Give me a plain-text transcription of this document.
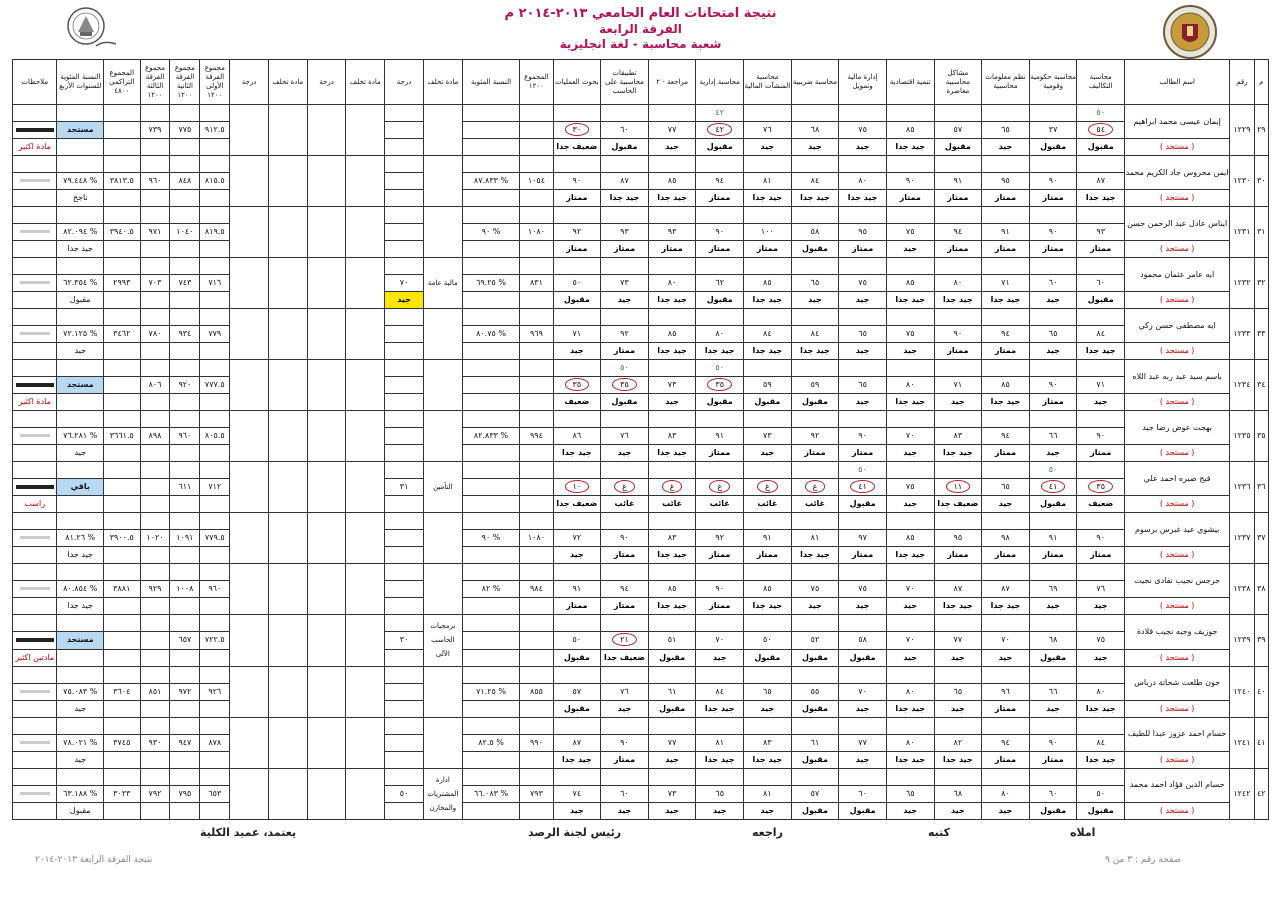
نتيجة امتحانات العام الجامعي ٢٠١٣-٢٠١٤ م
الفرقة الرابعة
شعبة محاسبة - لغة انجليزية
م	رقم	اسم الطالب	محاسبة التكاليف	محاسبة حكومية وقومية	نظم معلومات محاسبية	مشاكل محاسبية معاصرة	تنمية اقتصادية	إدارة مالية وتمويل	محاسبة ضريبية	محاسبة المنشآت المالية	محاسبة إدارية	مراجعة - ٢	تطبيقات محاسبية على الحاسب	بحوث العمليات	المجموع ١٢٠٠	النسبة المئوية	مادة تخلف	درجة	مادة تخلف	درجة	مادة تخلف	درجة	مجموع الفرقة الأولى ١٢٠٠	مجموع الفرقة الثانية ١٢٠٠	مجموع الفرقة الثالثة ١٢٠٠	المجموع التراكمي ٤٨٠٠	النسبة المئوية للسنوات الأربع	ملاحظات
٢٩	١٢٢٩	إيمان عيسى محمد ابراهيم	٥٠								٤٢																	
			٥٤	٣٧	٦٥	٥٧	٨٥	٧٥	٦٨	٧٦	٤٢	٧٧	٦٠	٣٠									٩١٢.٥	٧٧٥	٧٣٩		مستجد	
		( مستجد )	مقبول	مقبول	جيد	مقبول	جيد جدا	جيد	جيد	جيد	مقبول	جيد	مقبول	ضعيف جدا														مادة اكثير
٣٠	١٢٣٠	ايمن محروس جاد الكريم محمد																										
			٨٧	٩٠	٩٥	٩١	٩٠	٨٠	٨٤	٨١	٩٤	٨٥	٨٧	٩٠	١٠٥٤	% ٨٧.٨٣٣							٨١٥.٥	٨٤٨	٩٦٠	٣٨١٣.٥	% ٧٩.٤٤٨	
		( مستجد )	جيد جدا	ممتاز	ممتاز	ممتاز	ممتاز	جيد جدا	جيد جدا	جيد جدا	ممتاز	جيد جدا	جيد جدا	ممتاز													ناجح	
٣١	١٢٣١	ايناس عادل عبد الرحمن حسن																										
			٩٣	٩٠	٩١	٩٤	٧٥	٩٥	٥٨	١٠٠	٩٠	٩٣	٩٣	٩٢	١٠٨٠	% ٩٠							٨١٩.٥	١٠٤٠	٩٧١	٣٩٤٠.٥	% ٨٢.٠٩٤	
		( مستجد )	ممتاز	ممتاز	ممتاز	ممتاز	جيد	ممتاز	مقبول	ممتاز	ممتاز	ممتاز	ممتاز	ممتاز													جيد جدا	
٣٢	١٢٣٢	ايه عامر عثمان محمود															مالية عامة											
			٦٠	٦٠	٧١	٨٠	٨٥	٧٥	٦٥	٨٥	٦٢	٨٠	٧٣	٥٠	٨٣١	% ٦٩.٢٥		٧٠					٧١٦	٧٤٣	٧٠٣	٢٩٩٣	% ٦٢.٣٥٤	
		( مستجد )	مقبول	جيد	جيد جدا	جيد جدا	جيد جدا	جيد	جيد	جيد جدا	مقبول	جيد جدا	جيد	مقبول				جيد									مقبول	
٣٣	١٢٣٣	ايه مصطفى حسن زكي																										
			٨٤	٦٥	٩٤	٩٠	٧٥	٦٥	٨٤	٨٤	٨٠	٨٥	٩٢	٧١	٩٦٩	% ٨٠.٧٥							٧٧٩	٩٣٤	٧٨٠	٣٤٦٢	% ٧٢.١٢٥	
		( مستجد )	جيد جدا	جيد	ممتاز	ممتاز	جيد	جيد	جيد جدا	جيد جدا	جيد جدا	جيد جدا	ممتاز	جيد													جيد	
٣٤	١٢٣٤	باسم سيد عبد ربه عبد اللاه									٥٠		٥٠															
			٧١	٩٠	٨٥	٧١	٨٠	٦٥	٥٩	٥٩	٣٥	٧٣	٣٥	٣٥									٧٧٧.٥	٩٢٠	٨٠٦		مستجد	
		( مستجد )	جيد	ممتاز	جيد جدا	جيد	جيد جدا	جيد	مقبول	مقبول	مقبول	جيد	مقبول	ضعيف														مادة اكثير
٣٥	١٢٣٥	بهجت عوض رضا جيد																										
			٩٠	٦٦	٩٤	٨٣	٧٠	٩٠	٩٢	٧٣	٩١	٨٣	٧٦	٨٦	٩٩٤	% ٨٢.٨٣٣							٨٠٥.٥	٩٦٠	٨٩٨	٣٦٦١.٥	% ٧٦.٢٨١	
		( مستجد )	ممتاز	جيد	ممتاز	جيد جدا	جيد	ممتاز	ممتاز	جيد	ممتاز	جيد جدا	جيد	جيد جدا													جيد	
٣٦	١٢٣٦	فيج صبره احمد علي		٥٠				٥٠									التأمين											
			٣٥	٤١	٦٥	١١	٧٥	٤١	غ	غ	غ	غ	غ	١٠				٣١					٧١٢	٦١١			باقي	
		( مستجد )	ضعيف	مقبول	جيد	ضعيف جدا	جيد	مقبول	غائب	غائب	غائب	غائب	غائب	ضعيف جدا														راسب
٣٧	١٢٣٧	بيشوي عيد غبرس برسوم																										
			٩٠	٩١	٩٨	٩٥	٨٥	٩٧	٨١	٩١	٩٢	٨٣	٩٠	٧٢	١٠٨٠	% ٩٠							٧٧٩.٥	١٠٩١	١٠٢٠	٣٩٠٠.٥	% ٨١.٢٦	
		( مستجد )	ممتاز	ممتاز	ممتاز	ممتاز	جيد جدا	ممتاز	جيد جدا	ممتاز	ممتاز	جيد جدا	ممتاز	جيد													جيد جدا	
٣٨	١٢٣٨	جرجس نجيب نفادى نجيت																										
			٧٦	٦٩	٨٧	٨٧	٧٠	٧٥	٧٥	٨٥	٩٠	٨٥	٩٤	٩١	٩٨٤	% ٨٢							٩٦٠	١٠٠٨	٩٢٩	٣٨٨١	% ٨٠.٨٥٤	
		( مستجد )	جيد	جيد	جيد جدا	جيد جدا	جيد	جيد	جيد	جيد جدا	ممتاز	جيد جدا	ممتاز	ممتاز													جيد جدا	
٣٩	١٢٣٩	جوزيف وجيه نجيب قلادة															برمجيات الحاسب الآلى											
			٧٥	٦٨	٧٠	٧٧	٧٠	٥٨	٥٢	٥٠	٧٠	٥١	٢١	٥٠				٣٠					٧٢٢.٥	٦٥٧			مستجد	
		( مستجد )	جيد	مقبول	جيد	جيد	جيد	مقبول	مقبول	مقبول	جيد	مقبول	ضعيف جدا	مقبول														مادتين اكثير
٤٠	١٢٤٠	جون طلعت شحاتة درياس																										
			٨٠	٦٦	٩٦	٦٥	٨٠	٧٠	٥٥	٦٥	٨٤	٦١	٧٦	٥٧	٨٥٥	% ٧١.٢٥							٩٢٦	٩٧٢	٨٥١	٣٦٠٤	% ٧٥.٠٨٣	
		( مستجد )	جيد جدا	جيد	ممتاز	جيد	جيد جدا	جيد	مقبول	جيد	جيد جدا	مقبول	جيد	مقبول													جيد	
٤١	١٢٤١	حسام احمد عزوز عبدا للطيف																										
			٨٤	٩٠	٩٤	٨٢	٨٠	٧٧	٦١	٨٣	٨١	٧٧	٩٠	٨٧	٩٩٠	% ٨٢.٥							٨٧٨	٩٤٧	٩٣٠	٣٧٤٥	% ٧٨.٠٢١	
		( مستجد )	جيد جدا	ممتاز	ممتاز	جيد جدا	جيد جدا	جيد	مقبول	جيد جدا	جيد جدا	جيد	ممتاز	جيد جدا													جيد	
٤٢	١٢٤٢	حسام الدين فؤاد احمد محمد															ادارة المشتريات والمخازن											
			٥٠	٦٠	٨٠	٦٨	٦٥	٦٠	٥٧	٨١	٦٥	٧٣	٦٠	٧٤	٧٩٣	% ٦٦.٠٨٣		٥٠					٦٥٣	٧٩٥	٧٩٢	٣٠٣٣	% ٦٣.١٨٨	
		( مستجد )	مقبول	مقبول	جيد	جيد	جيد	مقبول	مقبول	جيد	جيد	جيد	جيد	جيد													مقبول	
املاه
كتبه
راجعه
رئيس لجنة الرصد
يعتمد، عميد الكلية
صفحة رقم : ٣ من ٩
نتيجة الفرقة الرابعة ٢٠١٣-٢٠١٤
